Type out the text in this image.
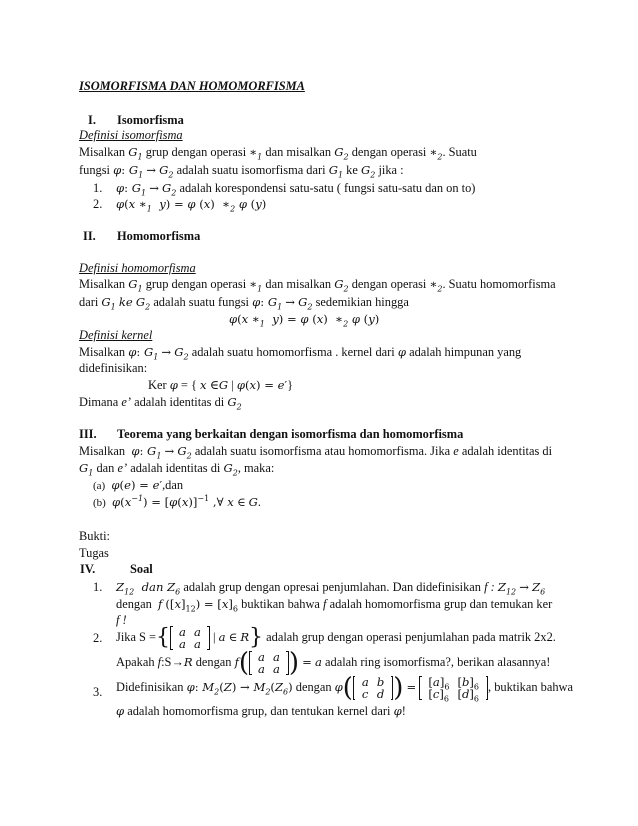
ISOMORFISMA DAN HOMOMORFISMA
I. Isomorfisma
Definisi isomorfisma
Misalkan $G_1$ grup dengan operasi $∗_1$ dan misalkan $G_2$ dengan operasi $∗_2$. Suatu
fungsi φ: $G_1 \to G_2$ adalah suatu isomorfisma dari $G_1$ ke $G_2$ jika :
1. φ: $G_1 \to G_2$ adalah korespondensi satu-satu ( fungsi satu-satu dan on to)
2. φ(x $∗_1$  y) = φ (x)  $∗_2$ φ (y)
II. Homomorfisma
Definisi homomorfisma
Misalkan $G_1$ grup dengan operasi $∗_1$ dan misalkan $G_2$ dengan operasi $∗_2$. Suatu homomorfisma
dari $G_1$ ke $G_2$ adalah suatu fungsi φ: $G_1 \to G_2$ sedemikian hingga
φ(x $∗_1$  y) = φ (x)  $∗_2$ φ (y)
Definisi kernel
Misalkan φ: $G_1 \to G_2$ adalah suatu homomorfisma . kernel dari φ adalah himpunan yang
didefinisikan:
Ker φ = { x ∈G | φ(x) = e′}
Dimana e’ adalah identitas di $G_2$
III. Teorema yang berkaitan dengan isomorfisma dan homomorfisma
Misalkan φ: $G_1 \to G_2$ adalah suatu isomorfisma atau homomorfisma. Jika e adalah identitas di
$G_1$ dan e’ adalah identitas di $G_2$, maka:
(a) φ(e) = e′,dan
(b) $\varphi(x^{-1}) = [\varphi(x)]^{-1}$ ,∀ x ∈ G.
Bukti:
Tugas
IV.	Soal
1. $Z_{12}$  dan $Z_6$ adalah grup dengan opresai penjumlahan. Dan didefinisikan f : $Z_{12} \to Z_6$
dengan f $([x]_{12}) = [x]_6$ buktikan bahwa f adalah homomorfisma grup dan temukan ker
f !
2. Jika S ={ a	a
a	a
| a ∈ R} adalah grup dengan operasi penjumlahan pada matrik 2x2.
Apakah f:S→R dengan f( a	a
a	a ) = a adalah ring isomorfisma?, berikan alasannya!
3. Didefinisikan φ: $M_2(Z) \to M_2(Z_6)$ dengan φ( a	b
c	d ) = $[a]_6$	$[b]_6$
$[c]_6$	$[d]_6$
, buktikan bahwa
φ adalah homomorfisma grup, dan tentukan kernel dari φ!
